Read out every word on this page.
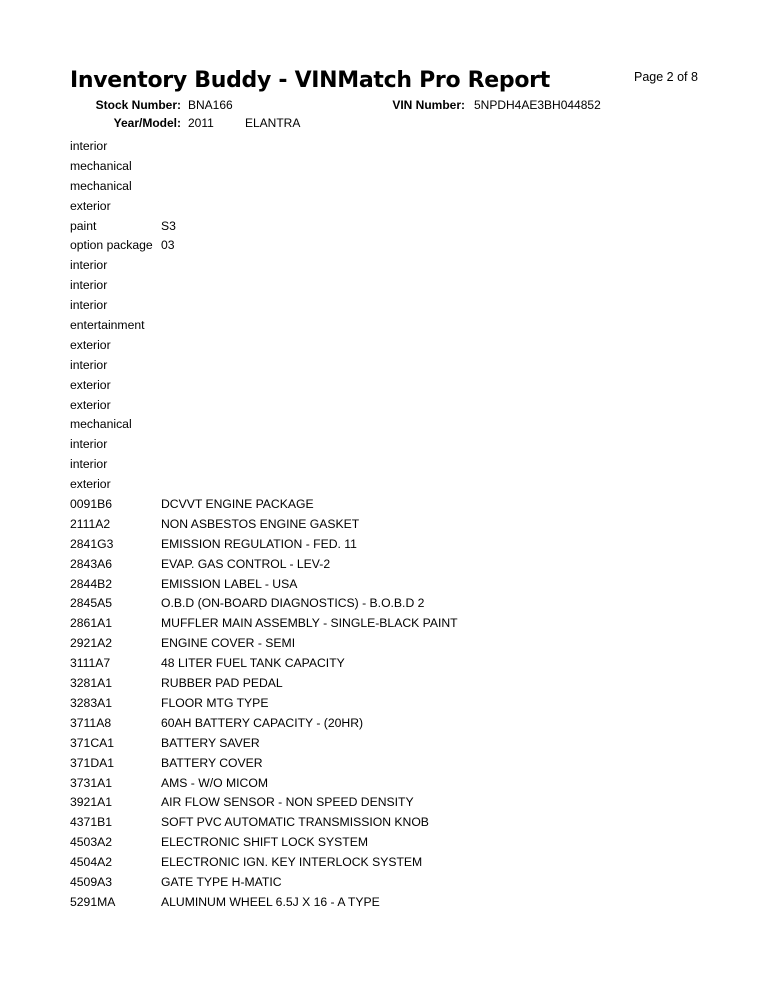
Inventory Buddy - VINMatch Pro Report	Page 2 of 8
Stock Number: BNA166	VIN Number: 5NPDH4AE3BH044852
Year/Model: 2011	ELANTRA
interior
mechanical
mechanical
exterior
paint	S3
option package 03
interior
interior
interior
entertainment
exterior
interior
exterior
exterior
mechanical
interior
interior
exterior
0091B6	DCVVT ENGINE PACKAGE
2111A2	NON ASBESTOS ENGINE GASKET
2841G3	EMISSION REGULATION - FED. 11
2843A6	EVAP. GAS CONTROL - LEV-2
2844B2	EMISSION LABEL - USA
2845A5	O.B.D (ON-BOARD DIAGNOSTICS) - B.O.B.D 2
2861A1	MUFFLER MAIN ASSEMBLY - SINGLE-BLACK PAINT
2921A2	ENGINE COVER - SEMI
3111A7	48 LITER FUEL TANK CAPACITY
3281A1	RUBBER PAD PEDAL
3283A1	FLOOR MTG TYPE
3711A8	60AH BATTERY CAPACITY - (20HR)
371CA1	BATTERY SAVER
371DA1	BATTERY COVER
3731A1	AMS - W/O MICOM
3921A1	AIR FLOW SENSOR - NON SPEED DENSITY
4371B1	SOFT PVC AUTOMATIC TRANSMISSION KNOB
4503A2	ELECTRONIC SHIFT LOCK SYSTEM
4504A2	ELECTRONIC IGN. KEY INTERLOCK SYSTEM
4509A3	GATE TYPE H-MATIC
5291MA	ALUMINUM WHEEL 6.5J X 16 - A TYPE
